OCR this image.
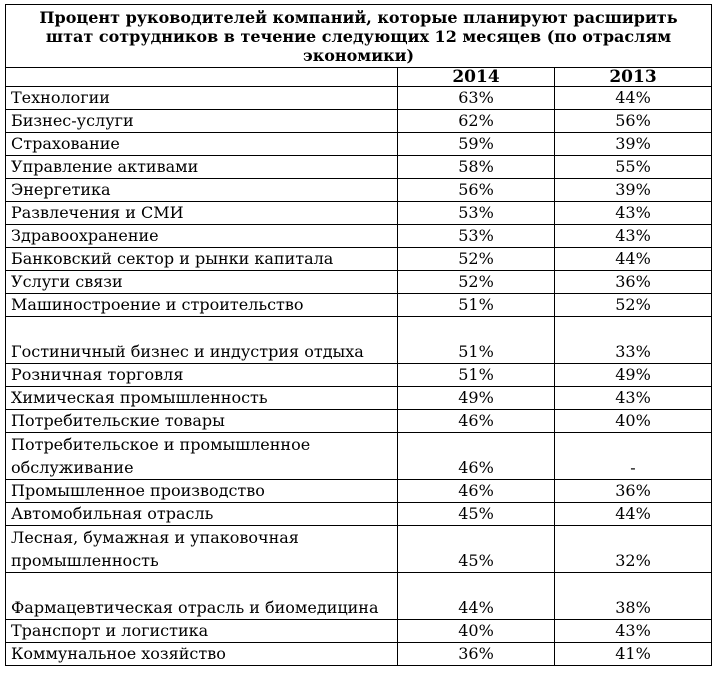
Процент руководителей компаний, которые планируют расширить штат сотрудников в течение следующих 12 месяцев (по отраслям экономики)		
	2014	2013
Технологии	63%	44%
Бизнес-услуги	62%	56%
Страхование	59%	39%
Управление активами	58%	55%
Энергетика	56%	39%
Развлечения и СМИ	53%	43%
Здравоохранение	53%	43%
Банковский сектор и рынки капитала	52%	44%
Услуги связи	52%	36%
Машиностроение и строительство	51%	52%
Гостиничный бизнес и индустрия отдыха	51%	33%
Розничная торговля	51%	49%
Химическая промышленность	49%	43%
Потребительские товары	46%	40%
Потребительское и промышленное обслуживание	46%	-
Промышленное производство	46%	36%
Автомобильная отрасль	45%	44%
Лесная, бумажная и упаковочная промышленность	45%	32%
Фармацевтическая отрасль и биомедицина	44%	38%
Транспорт и логистика	40%	43%
Коммунальное хозяйство	36%	41%
